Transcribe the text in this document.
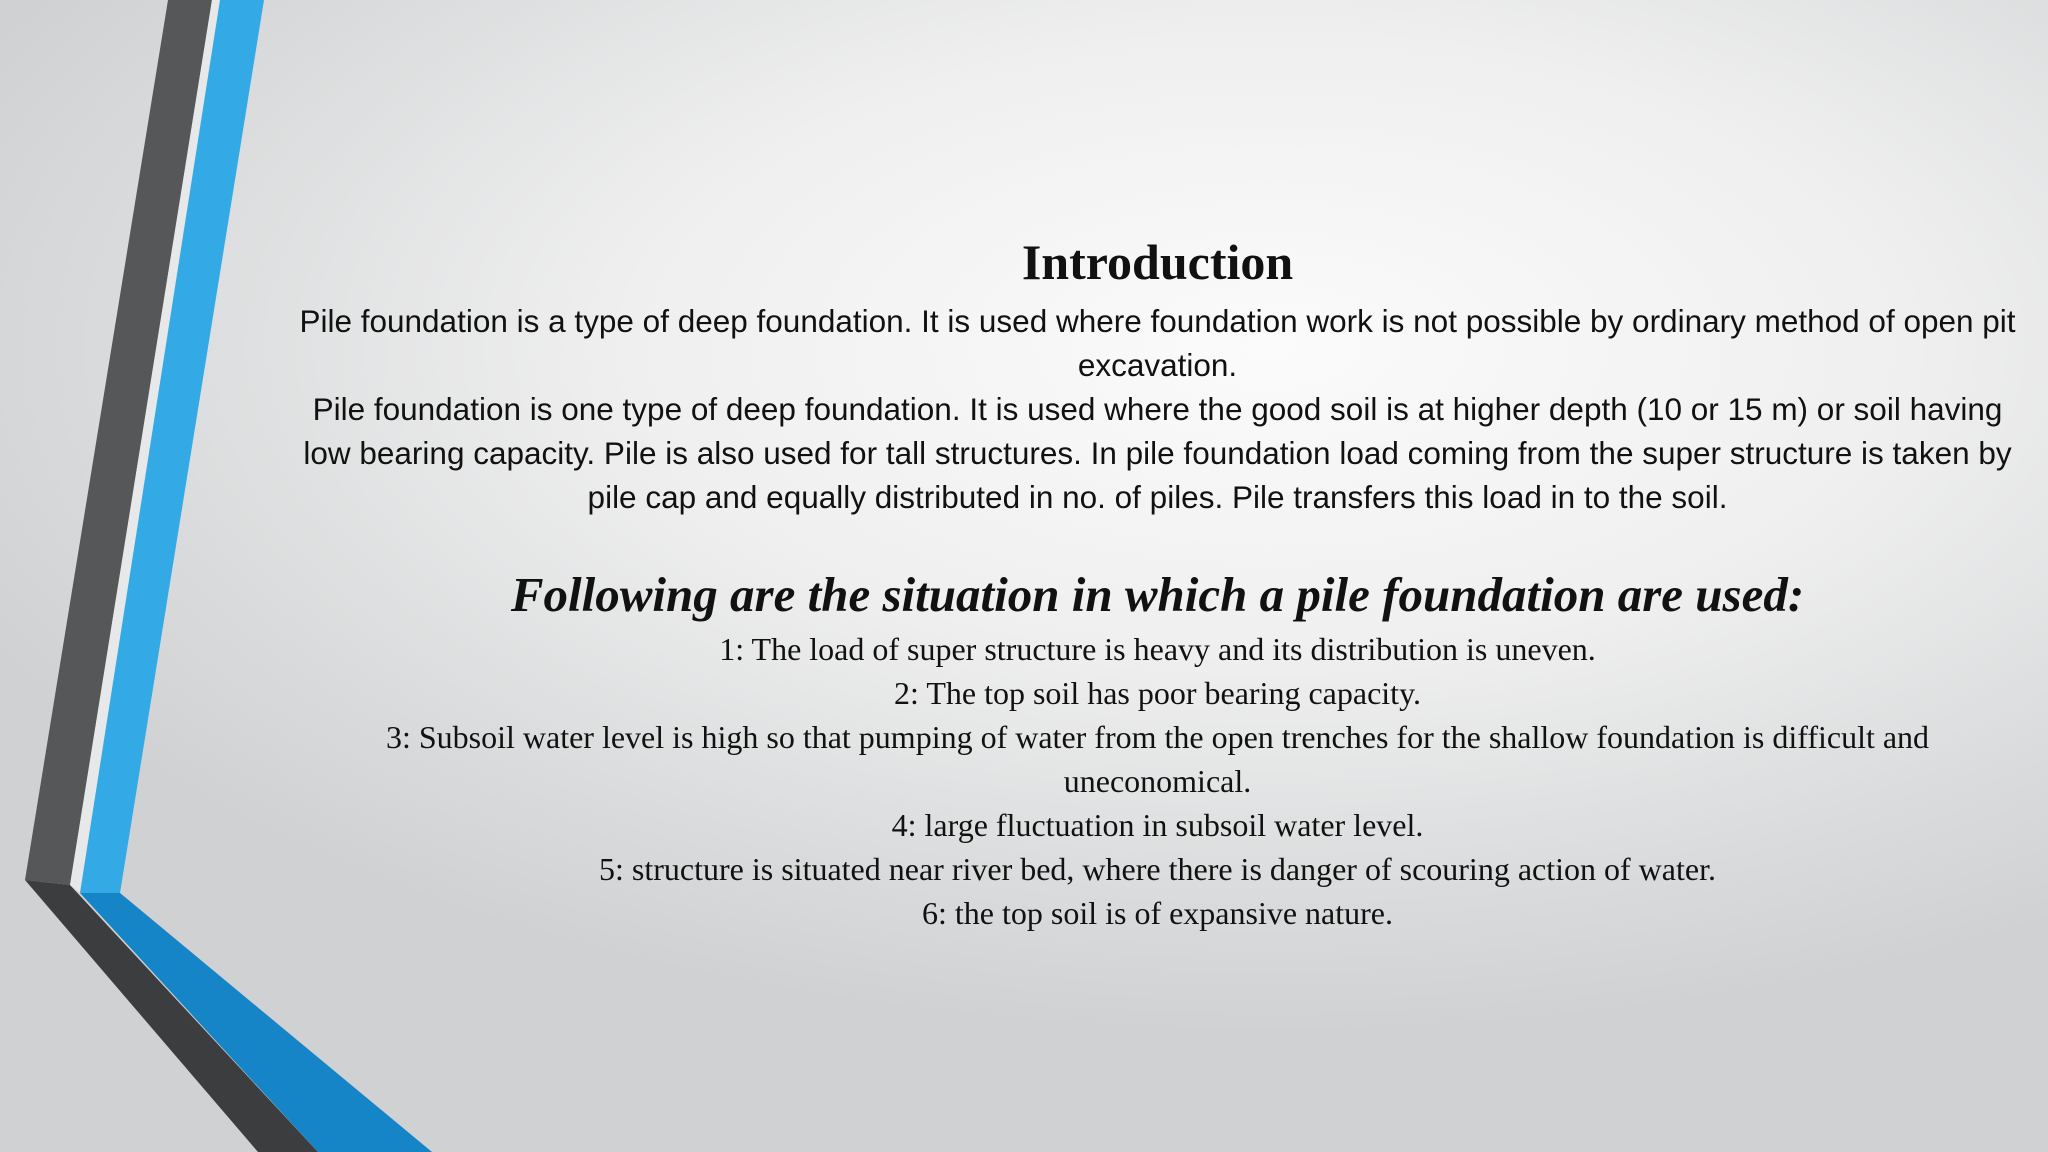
Introduction

Pile foundation is a type of deep foundation. It is used where foundation work is not possible by ordinary method of open pit excavation.

Pile foundation is one type of deep foundation. It is used where the good soil is at higher depth (10 or 15 m) or soil having low bearing capacity. Pile is also used for tall structures. In pile foundation load coming from the super structure is taken by pile cap and equally distributed in no. of piles. Pile transfers this load in to the soil.

Following are the situation in which a pile foundation are used:
1: The load of super structure is heavy and its distribution is uneven.
2: The top soil has poor bearing capacity.
3: Subsoil water level is high so that pumping of water from the open trenches for the shallow foundation is difficult and uneconomical.
4: large fluctuation in subsoil water level.
5: structure is situated near river bed, where there is danger of scouring action of water.
6: the top soil is of expansive nature.
